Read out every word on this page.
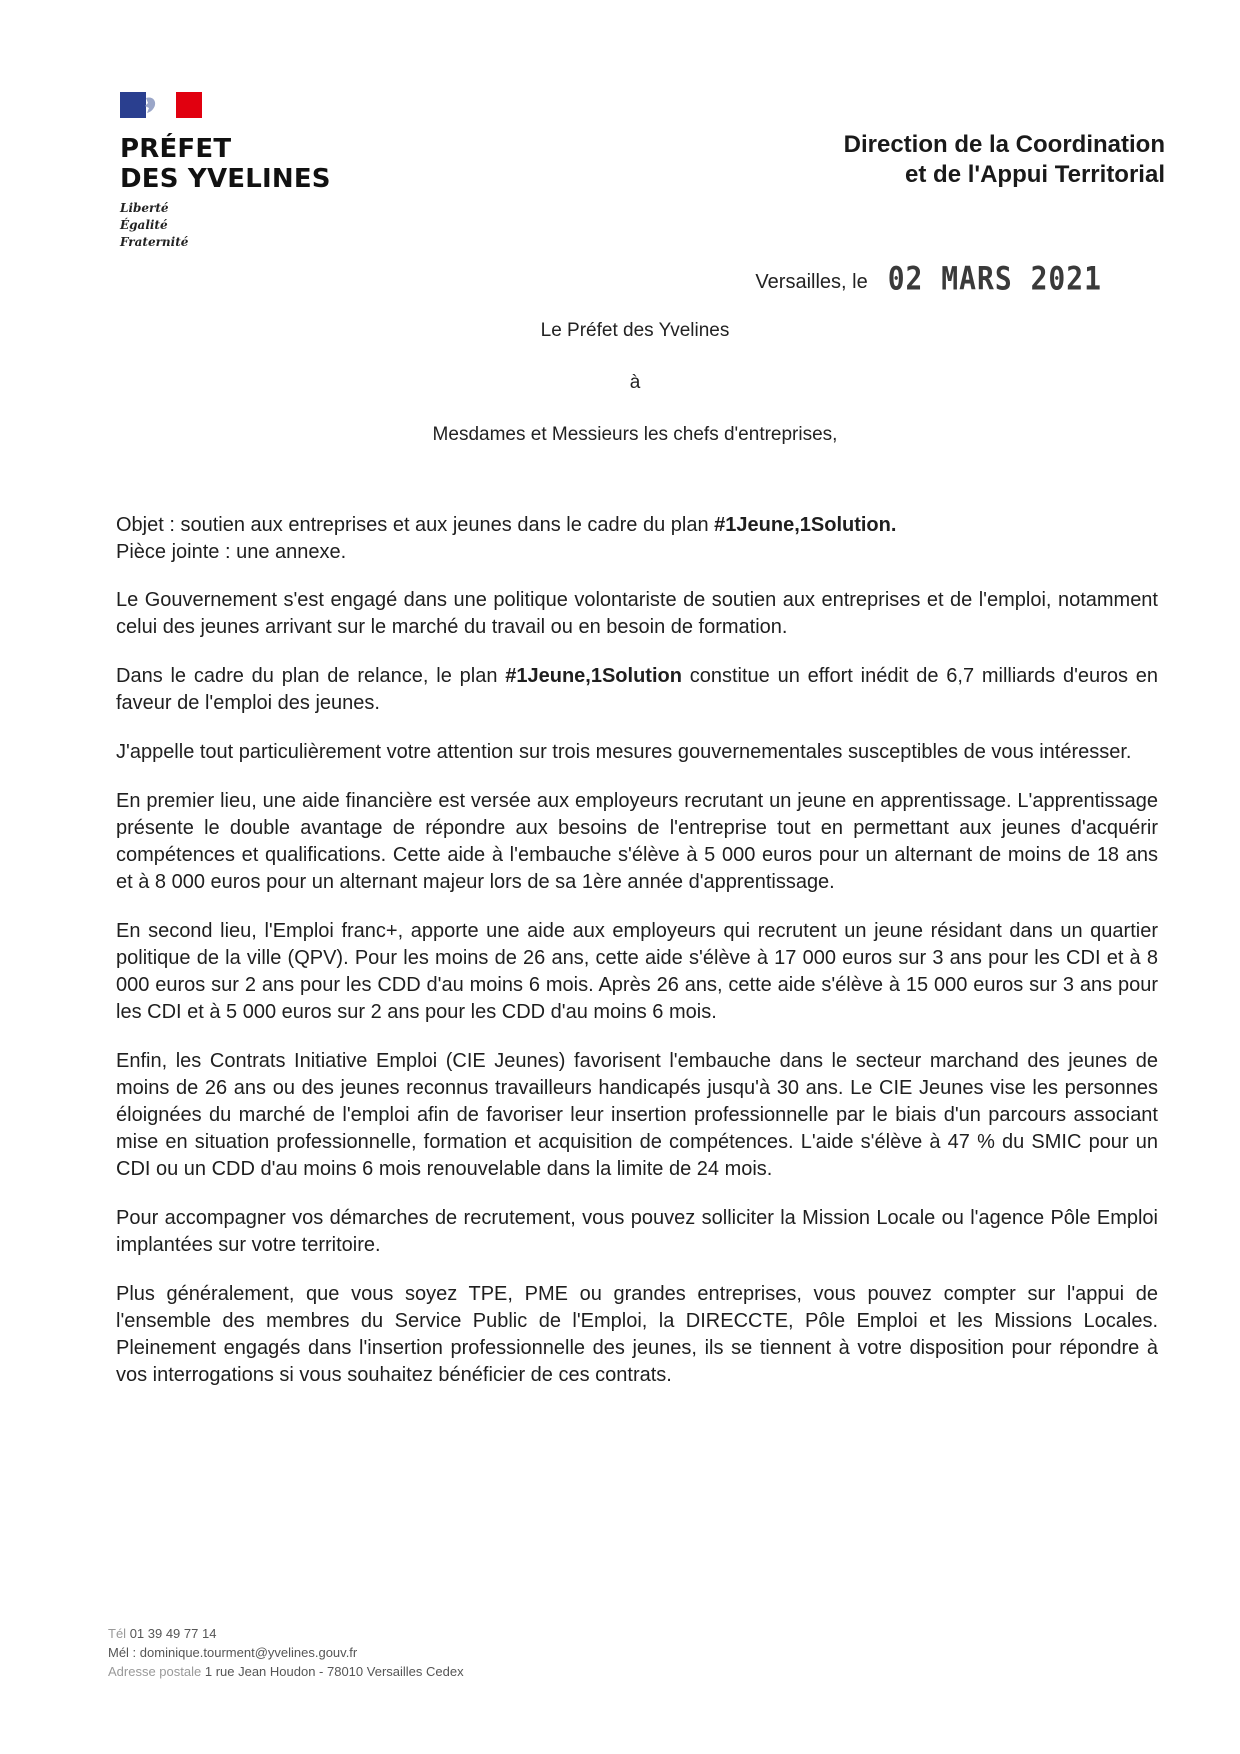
PRÉFET
DES YVELINES
Liberté
Égalité
Fraternité
Direction de la Coordination
et de l'Appui Territorial
Versailles, le 02 MARS 2021
Le Préfet des Yvelines
à
Mesdames et Messieurs les chefs d'entreprises,
Objet : soutien aux entreprises et aux jeunes dans le cadre du plan #1Jeune,1Solution.
Pièce jointe : une annexe.

Le Gouvernement s'est engagé dans une politique volontariste de soutien aux entreprises et de l'emploi, notamment celui des jeunes arrivant sur le marché du travail ou en besoin de formation.

Dans le cadre du plan de relance, le plan #1Jeune,1Solution constitue un effort inédit de 6,7 milliards d'euros en faveur de l'emploi des jeunes.

J'appelle tout particulièrement votre attention sur trois mesures gouvernementales susceptibles de vous intéresser.

En premier lieu, une aide financière est versée aux employeurs recrutant un jeune en apprentissage. L'apprentissage présente le double avantage de répondre aux besoins de l'entreprise tout en permettant aux jeunes d'acquérir compétences et qualifications. Cette aide à l'embauche s'élève à 5 000 euros pour un alternant de moins de 18 ans et à 8 000 euros pour un alternant majeur lors de sa 1ère année d'apprentissage.

En second lieu, l'Emploi franc+, apporte une aide aux employeurs qui recrutent un jeune résidant dans un quartier politique de la ville (QPV). Pour les moins de 26 ans, cette aide s'élève à 17 000 euros sur 3 ans pour les CDI et à 8 000 euros sur 2 ans pour les CDD d'au moins 6 mois. Après 26 ans, cette aide s'élève à 15 000 euros sur 3 ans pour les CDI et à 5 000 euros sur 2 ans pour les CDD d'au moins 6 mois.

Enfin, les Contrats Initiative Emploi (CIE Jeunes) favorisent l'embauche dans le secteur marchand des jeunes de moins de 26 ans ou des jeunes reconnus travailleurs handicapés jusqu'à 30 ans. Le CIE Jeunes vise les personnes éloignées du marché de l'emploi afin de favoriser leur insertion professionnelle par le biais d'un parcours associant mise en situation professionnelle, formation et acquisition de compétences. L'aide s'élève à 47 % du SMIC pour un CDI ou un CDD d'au moins 6 mois renouvelable dans la limite de 24 mois.

Pour accompagner vos démarches de recrutement, vous pouvez solliciter la Mission Locale ou l'agence Pôle Emploi implantées sur votre territoire.

Plus généralement, que vous soyez TPE, PME ou grandes entreprises, vous pouvez compter sur l'appui de l'ensemble des membres du Service Public de l'Emploi, la DIRECCTE, Pôle Emploi et les Missions Locales. Pleinement engagés dans l'insertion professionnelle des jeunes, ils se tiennent à votre disposition pour répondre à vos interrogations si vous souhaitez bénéficier de ces contrats.

Tél 01 39 49 77 14
Mél : dominique.tourment@yvelines.gouv.fr
Adresse postale 1 rue Jean Houdon - 78010 Versailles Cedex
